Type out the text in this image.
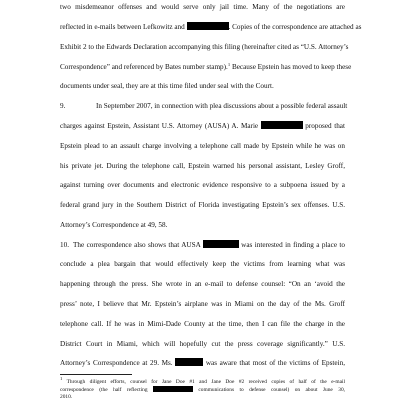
two misdemeanor offenses and would serve only jail time. Many of the negotiations are
reflected in e-mails between Lefkowitz and	. Copies of the correspondence are attached as
Exhibit 2 to the Edwards Declaration accompanying this filing (hereinafter cited as “U.S. Attorney’s
Correspondence” and referenced by Bates number stamp).$^1$ Because Epstein has moved to keep these
documents under seal, they are at this time filed under seal with the Court.
9.	In September 2007, in connection with plea discussions about a possible federal assault
charges against Epstein, Assistant U.S. Attorney (AUSA) A. Marie	proposed that
Epstein plead to an assault charge involving a telephone call made by Epstein while he was on
his private jet. During the telephone call, Epstein warned his personal assistant, Lesley Groff,
against turning over documents and electronic evidence responsive to a subpoena issued by a
federal grand jury in the Southern District of Florida investigating Epstein’s sex offenses. U.S.
Attorney’s Correspondence at 49, 58.
10. The correspondence also shows that AUSA	was interested in finding a place to
conclude a plea bargain that would effectively keep the victims from learning what was
happening through the press. She wrote in an e-mail to defense counsel: “On an ‘avoid the
press’ note, I believe that Mr. Epstein’s airplane was in Miami on the day of the Ms. Groff
telephone call. If he was in Mimi-Dade County at the time, then I can file the charge in the
District Court in Miami, which will hopefully cut the press coverage significantly.” U.S.
Attorney’s Correspondence at 29. Ms.	was aware that most of the victims of Epstein,
$^1$ Through diligent efforts, counsel for Jane Doe #1 and Jane Doe #2 received copies of half of the e-mail
correspondence (the half reflecting	communications to defense counsel) on about June 30,
2010.
